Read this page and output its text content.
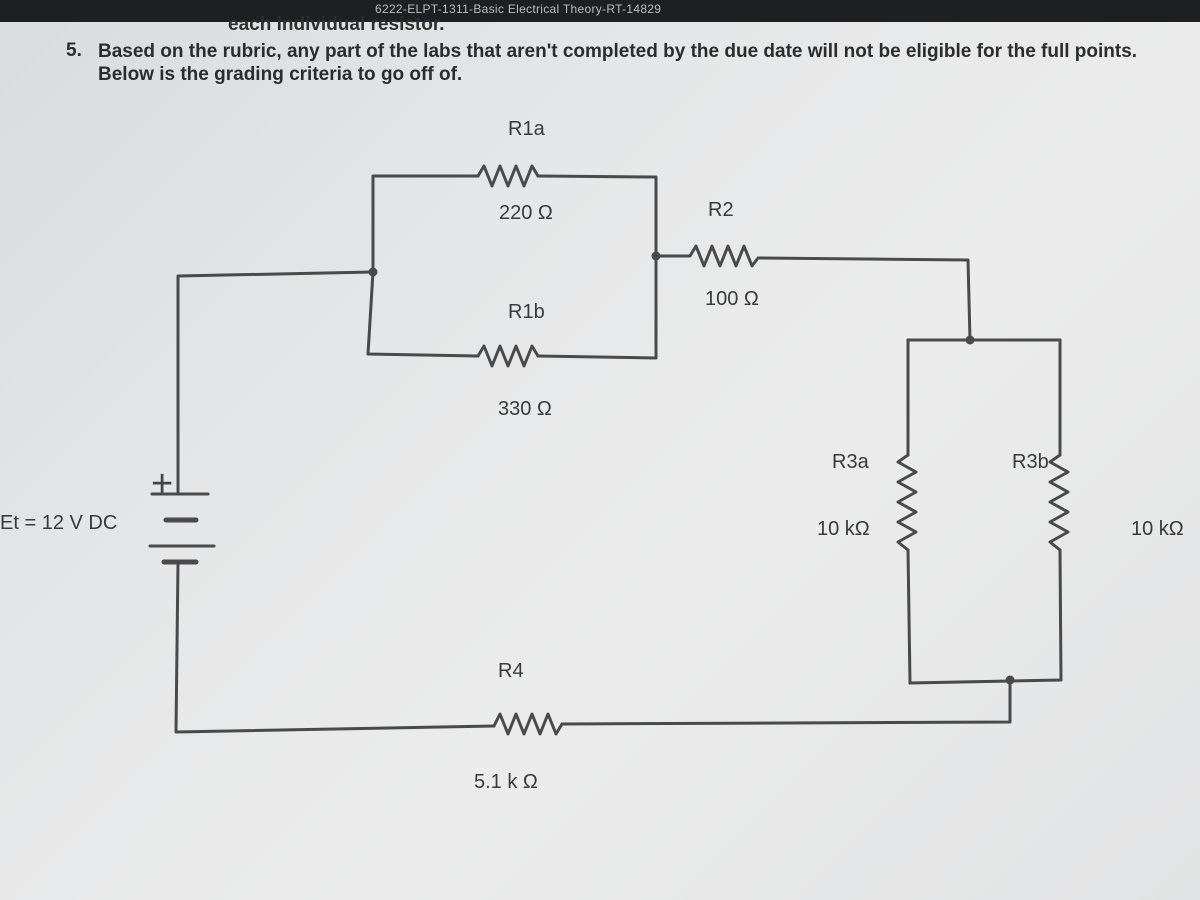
6222-ELPT-1311-Basic Electrical Theory-RT-14829
each individual resistor.
5. Based on the rubric, any part of the labs that aren't completed by the due date will not be eligible for the full points. Below is the grading criteria to go off of.
+
Et = 12 V DC
R1a
220 Ω
R1b
330 Ω
R2
100 Ω
R3a
10 kΩ
R3b
10 kΩ
R4
5.1 k Ω
